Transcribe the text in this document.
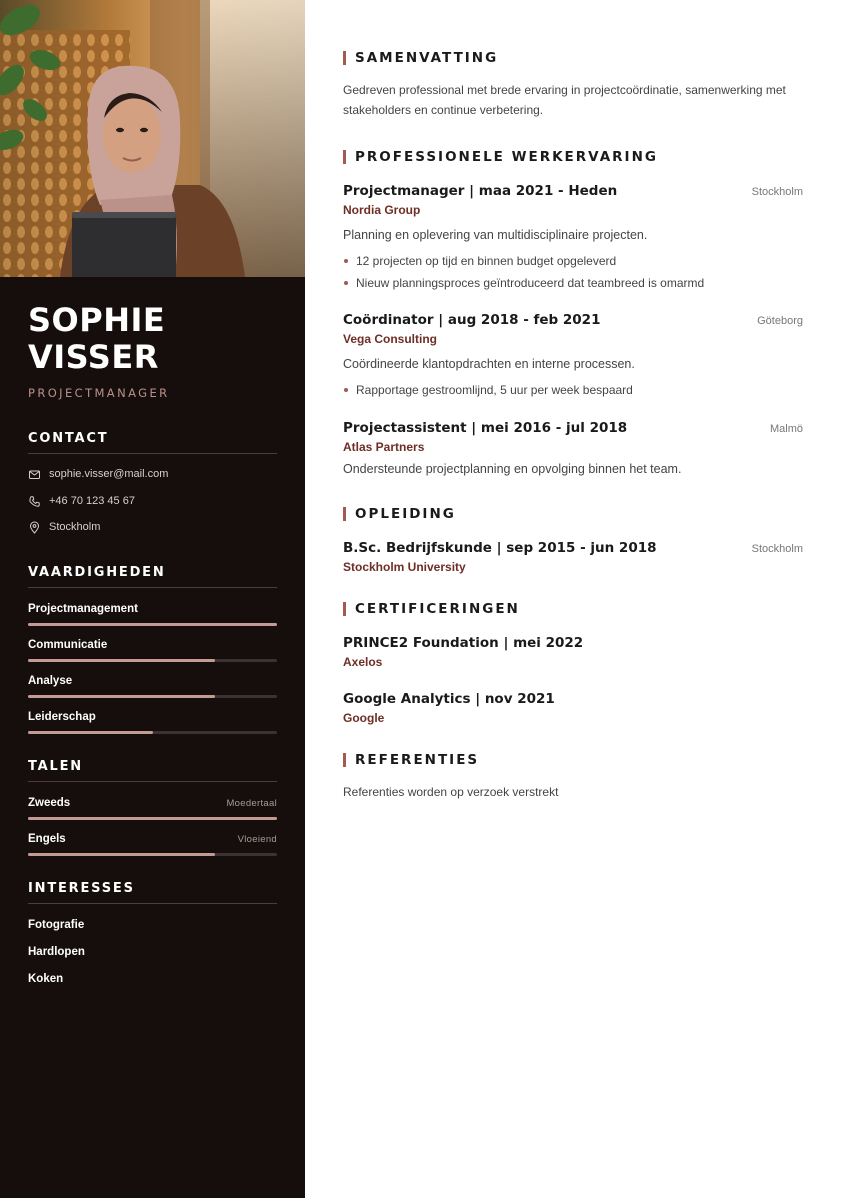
SOPHIE
VISSER
PROJECTMANAGER
CONTACT
sophie.visser@mail.com
+46 70 123 45 67
Stockholm
VAARDIGHEDEN
Projectmanagement
Communicatie
Analyse
Leiderschap
TALEN
Zweeds	Moedertaal
Engels	Vloeiend
INTERESSES
Fotografie
Hardlopen
Koken
SAMENVATTING
Gedreven professional met brede ervaring in projectcoördinatie, samenwerking met stakeholders en continue verbetering.
PROFESSIONELE WERKERVARING
Projectmanager | maa 2021 - Heden	Stockholm
Nordia Group
Planning en oplevering van multidisciplinaire projecten.
12 projecten op tijd en binnen budget opgeleverd
Nieuw planningsproces geïntroduceerd dat teambreed is omarmd
Coördinator | aug 2018 - feb 2021	Göteborg
Vega Consulting
Coördineerde klantopdrachten en interne processen.
Rapportage gestroomlijnd, 5 uur per week bespaard
Projectassistent | mei 2016 - jul 2018	Malmö
Atlas Partners
Ondersteunde projectplanning en opvolging binnen het team.
OPLEIDING
B.Sc. Bedrijfskunde | sep 2015 - jun 2018	Stockholm
Stockholm University
CERTIFICERINGEN
PRINCE2 Foundation | mei 2022
Axelos
Google Analytics | nov 2021
Google
REFERENTIES
Referenties worden op verzoek verstrekt
